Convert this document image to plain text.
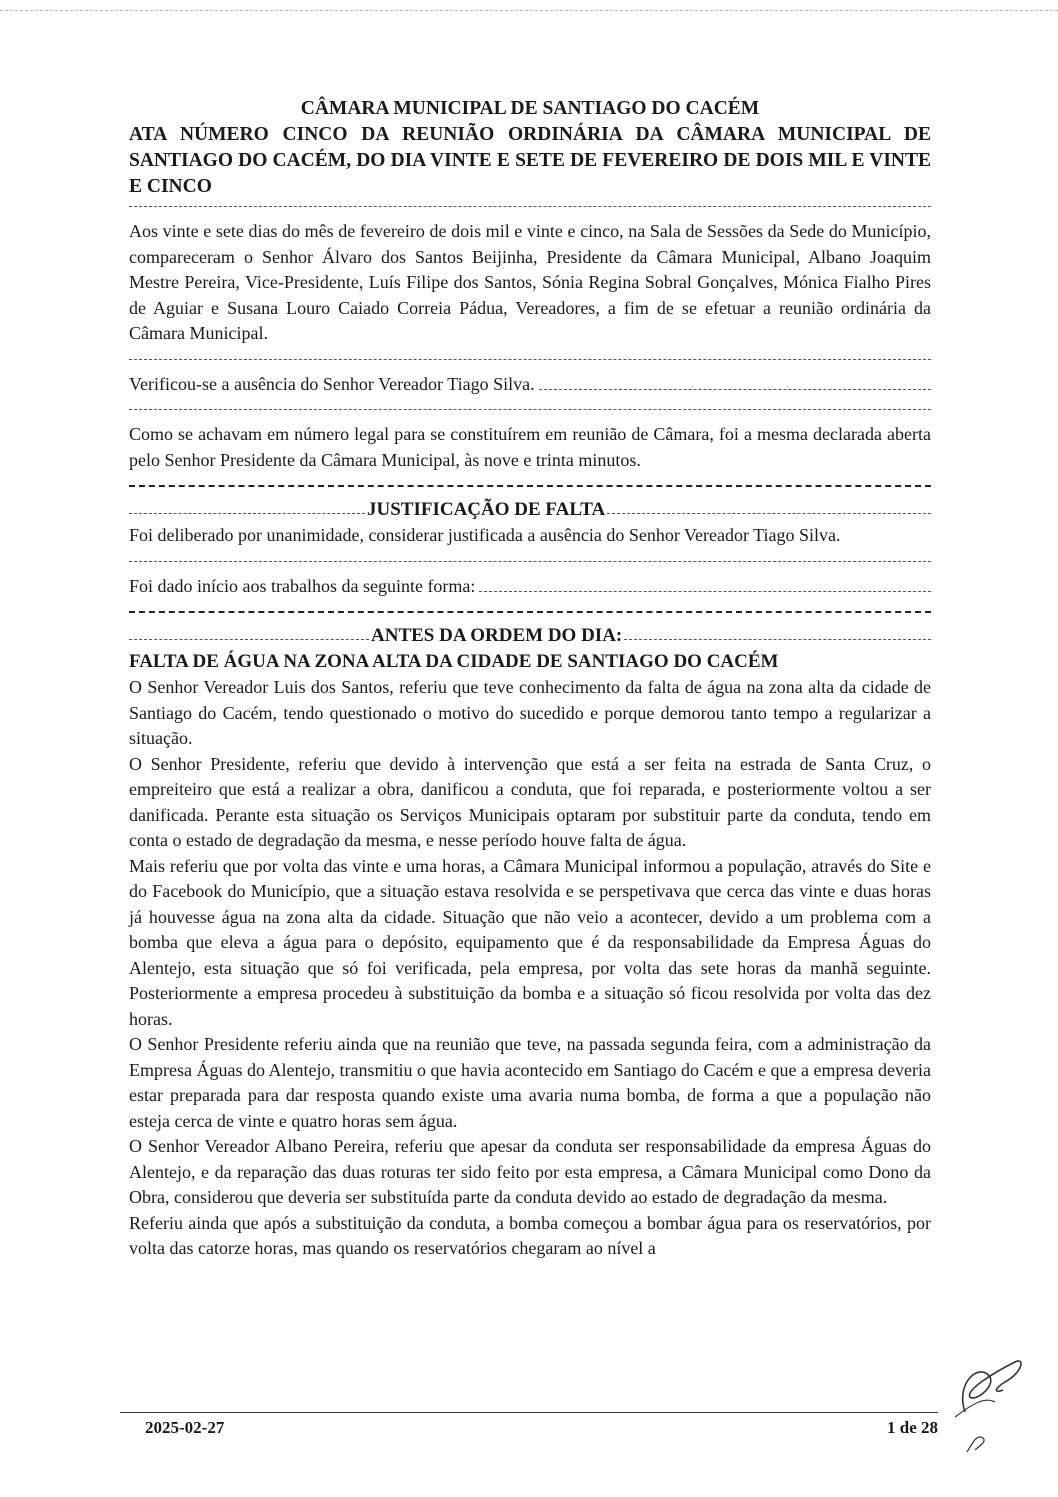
CÂMARA MUNICIPAL DE SANTIAGO DO CACÉM

ATA NÚMERO CINCO DA REUNIÃO ORDINÁRIA DA CÂMARA MUNICIPAL DE SANTIAGO DO CACÉM, DO DIA VINTE E SETE DE FEVEREIRO DE DOIS MIL E VINTE E CINCO

Aos vinte e sete dias do mês de fevereiro de dois mil e vinte e cinco, na Sala de Sessões da Sede do Município, compareceram o Senhor Álvaro dos Santos Beijinha, Presidente da Câmara Municipal, Albano Joaquim Mestre Pereira, Vice-Presidente, Luís Filipe dos Santos, Sónia Regina Sobral Gonçalves, Mónica Fialho Pires de Aguiar e Susana Louro Caiado Correia Pádua, Vereadores, a fim de se efetuar a reunião ordinária da Câmara Municipal.

Verificou-se a ausência do Senhor Vereador Tiago Silva.

Como se achavam em número legal para se constituírem em reunião de Câmara, foi a mesma declarada aberta pelo Senhor Presidente da Câmara Municipal, às nove e trinta minutos.

JUSTIFICAÇÃO DE FALTA

Foi deliberado por unanimidade, considerar justificada a ausência do Senhor Vereador Tiago Silva.

Foi dado início aos trabalhos da seguinte forma:
ANTES DA ORDEM DO DIA:

FALTA DE ÁGUA NA ZONA ALTA DA CIDADE DE SANTIAGO DO CACÉM

O Senhor Vereador Luis dos Santos, referiu que teve conhecimento da falta de água na zona alta da cidade de Santiago do Cacém, tendo questionado o motivo do sucedido e porque demorou tanto tempo a regularizar a situação.

O Senhor Presidente, referiu que devido à intervenção que está a ser feita na estrada de Santa Cruz, o empreiteiro que está a realizar a obra, danificou a conduta, que foi reparada, e posteriormente voltou a ser danificada. Perante esta situação os Serviços Municipais optaram por substituir parte da conduta, tendo em conta o estado de degradação da mesma, e nesse período houve falta de água.

Mais referiu que por volta das vinte e uma horas, a Câmara Municipal informou a população, através do Site e do Facebook do Município, que a situação estava resolvida e se perspetivava que cerca das vinte e duas horas já houvesse água na zona alta da cidade. Situação que não veio a acontecer, devido a um problema com a bomba que eleva a água para o depósito, equipamento que é da responsabilidade da Empresa Águas do Alentejo, esta situação que só foi verificada, pela empresa, por volta das sete horas da manhã seguinte. Posteriormente a empresa procedeu à substituição da bomba e a situação só ficou resolvida por volta das dez horas.

O Senhor Presidente referiu ainda que na reunião que teve, na passada segunda feira, com a administração da Empresa Águas do Alentejo, transmitiu o que havia acontecido em Santiago do Cacém e que a empresa deveria estar preparada para dar resposta quando existe uma avaria numa bomba, de forma a que a população não esteja cerca de vinte e quatro horas sem água.

O Senhor Vereador Albano Pereira, referiu que apesar da conduta ser responsabilidade da empresa Águas do Alentejo, e da reparação das duas roturas ter sido feito por esta empresa, a Câmara Municipal como Dono da Obra, considerou que deveria ser substituída parte da conduta devido ao estado de degradação da mesma.

Referiu ainda que após a substituição da conduta, a bomba começou a bombar água para os reservatórios, por volta das catorze horas, mas quando os reservatórios chegaram ao nível a

2025-02-27	1 de 28
